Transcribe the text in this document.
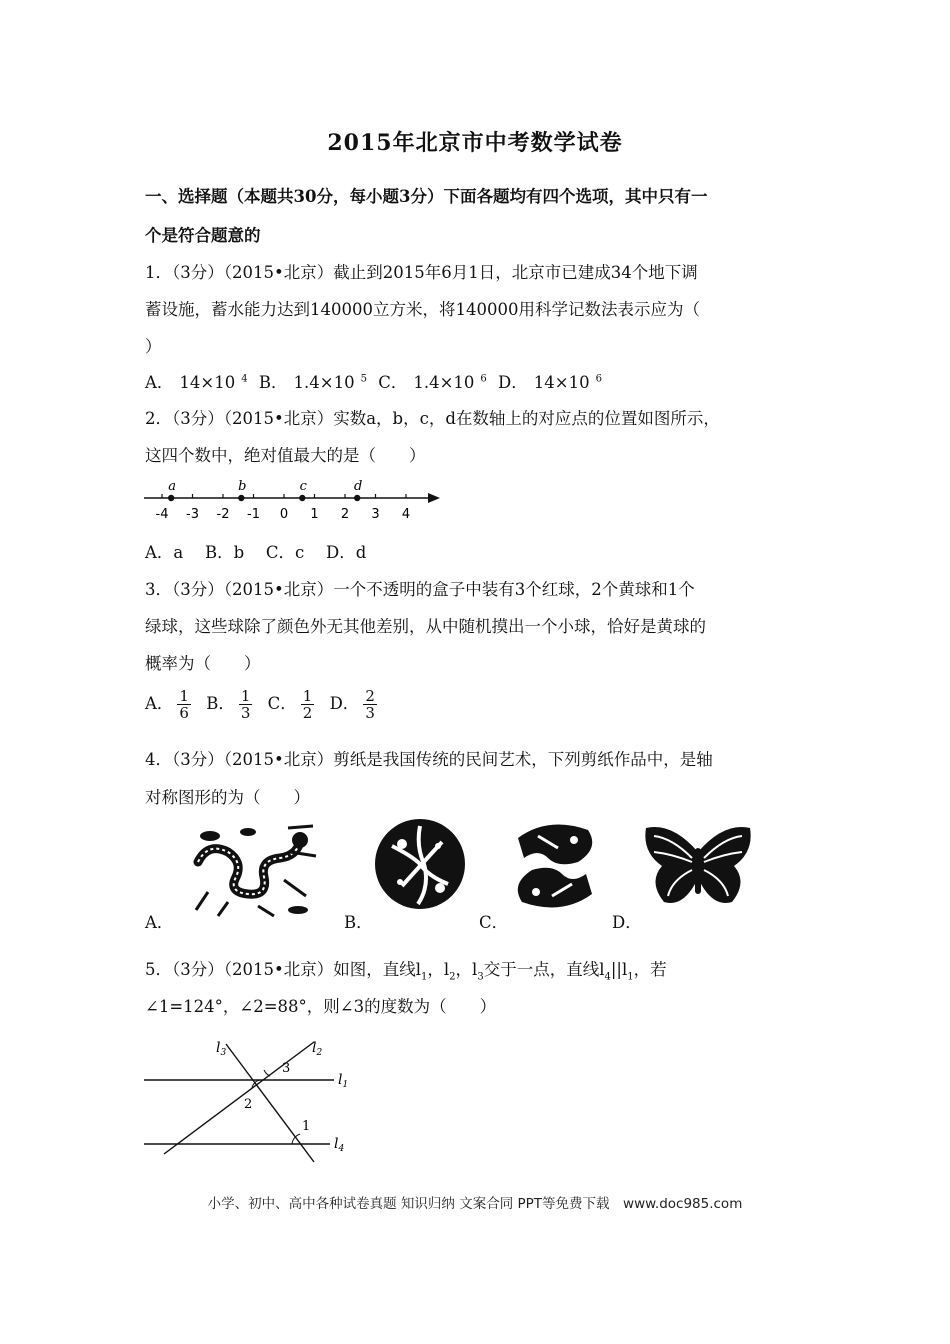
2015年北京市中考数学试卷
一、选择题（本题共30分，每小题3分）下面各题均有四个选项，其中只有一
个是符合题意的
1．（3分）（2015•北京）截止到2015年6月1日，北京市已建成34个地下调
蓄设施，蓄水能力达到140000立方米，将140000用科学记数法表示应为（
）
A． 14×10 $^4$ B． 1.4×10 $^5$ C． 1.4×10 $^6$ D． 14×10 $^6$
2．（3分）（2015•北京）实数a，b，c，d在数轴上的对应点的位置如图所示，
这四个数中，绝对值最大的是（　　）
-4 -3 -2 -1 0 1 2 3 4
a	b	c	d
A．a　 B．b　 C．c　 D．d
3．（3分）（2015•北京）一个不透明的盒子中装有3个红球，2个黄球和1个
绿球，这些球除了颜色外无其他差别，从中随机摸出一个小球，恰好是黄球的
概率为（　　）
A． $\frac{1}{6}$ B． $\frac{1}{3}$ C． $\frac{1}{2}$ D． $\frac{2}{3}$
4．（3分）（2015•北京）剪纸是我国传统的民间艺术，下列剪纸作品中，是轴
对称图形的为（　　）
A．	B．	C．	D．
5．（3分）（2015•北京）如图，直线$l_1$，$l_2$，$l_3$交于一点，直线$l_4||l_1$，若
∠1=124°，∠2=88°，则∠3的度数为（　　）
$l_3$	$l_2$
$l_1$
$l_4$
3
2
1
小学、初中、高中各种试卷真题 知识归纳 文案合同 PPT等免费下载　www.doc985.com
